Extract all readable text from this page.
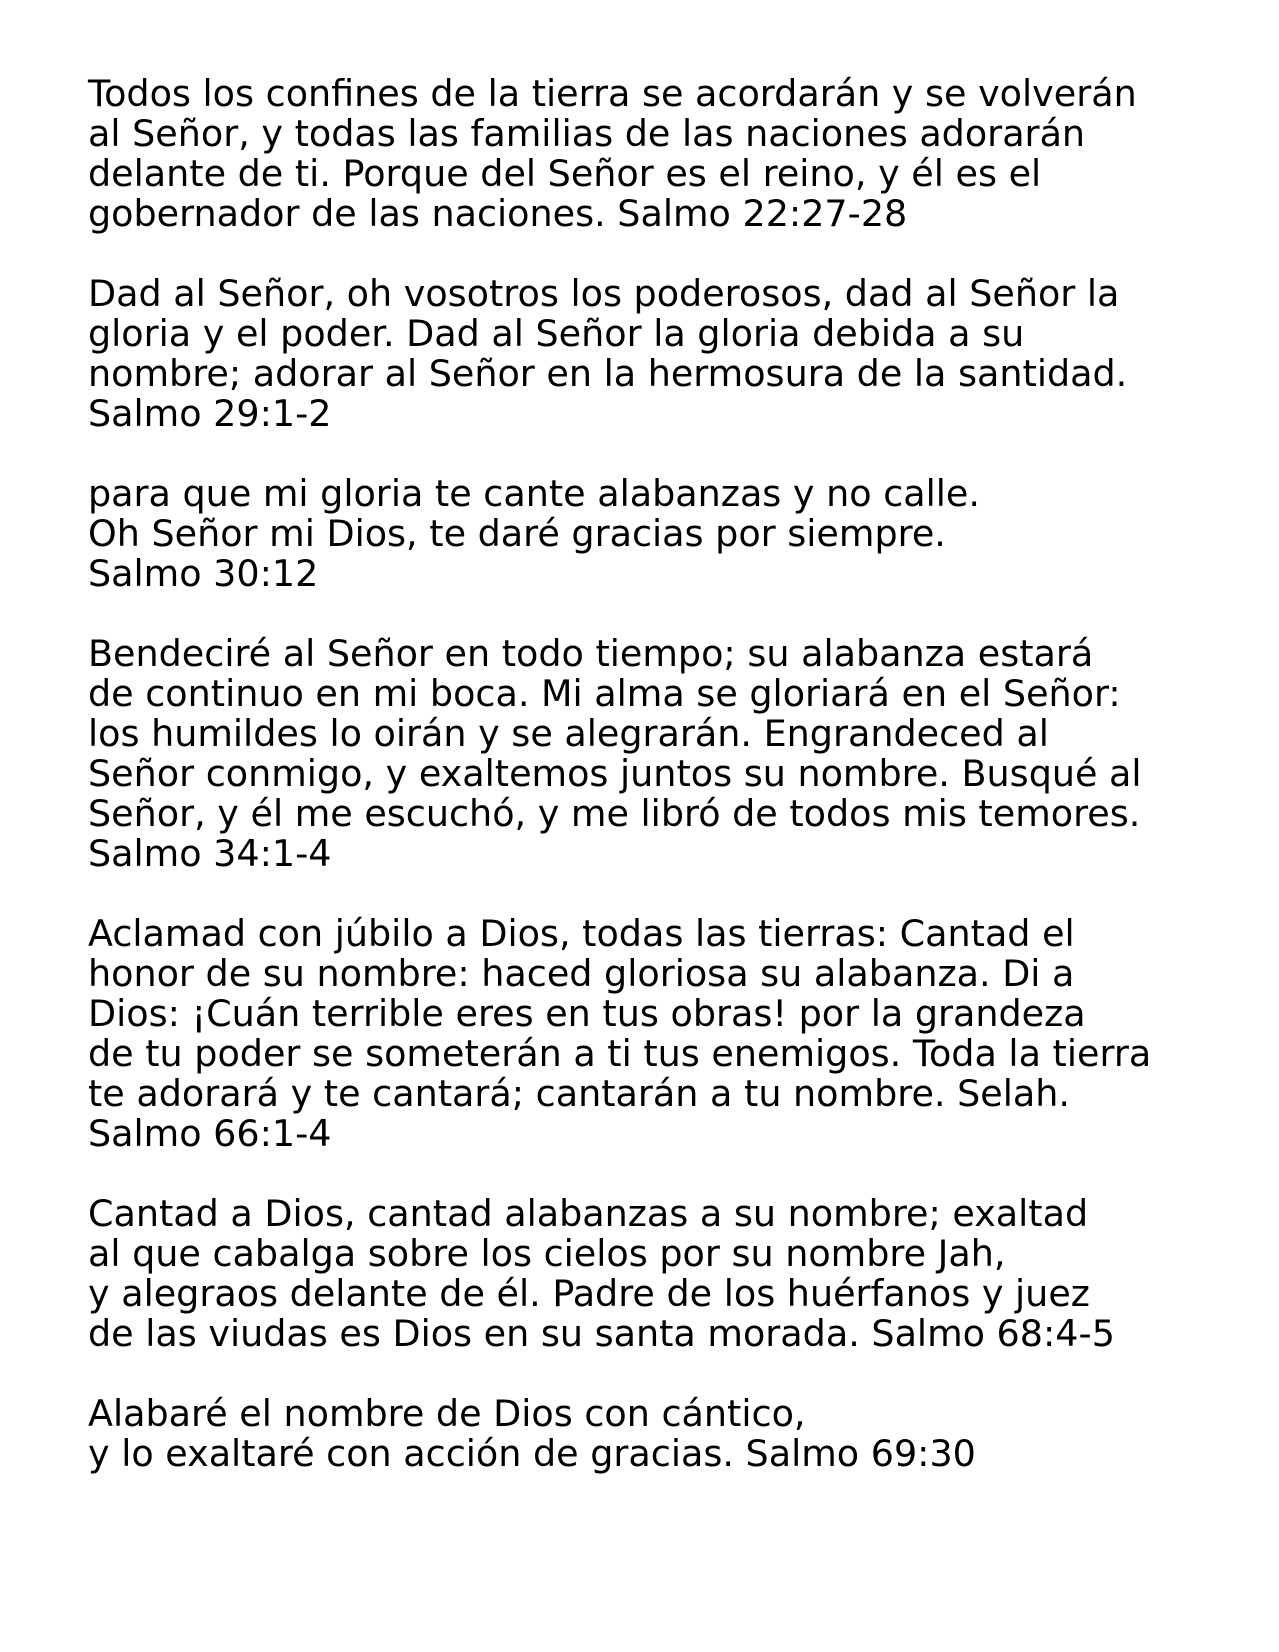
Todos los confines de la tierra se acordarán y se volverán
al Señor, y todas las familias de las naciones adorarán
delante de ti. Porque del Señor es el reino, y él es el
gobernador de las naciones. Salmo 22:27-28
Dad al Señor, oh vosotros los poderosos, dad al Señor la
gloria y el poder. Dad al Señor la gloria debida a su
nombre; adorar al Señor en la hermosura de la santidad.
Salmo 29:1-2
para que mi gloria te cante alabanzas y no calle.
Oh Señor mi Dios, te daré gracias por siempre.
Salmo 30:12
Bendeciré al Señor en todo tiempo; su alabanza estará
de continuo en mi boca. Mi alma se gloriará en el Señor:
los humildes lo oirán y se alegrarán. Engrandeced al
Señor conmigo, y exaltemos juntos su nombre. Busqué al
Señor, y él me escuchó, y me libró de todos mis temores.
Salmo 34:1-4
Aclamad con júbilo a Dios, todas las tierras: Cantad el
honor de su nombre: haced gloriosa su alabanza. Di a
Dios: ¡Cuán terrible eres en tus obras! por la grandeza
de tu poder se someterán a ti tus enemigos. Toda la tierra
te adorará y te cantará; cantarán a tu nombre. Selah.
Salmo 66:1-4
Cantad a Dios, cantad alabanzas a su nombre; exaltad
al que cabalga sobre los cielos por su nombre Jah,
y alegraos delante de él. Padre de los huérfanos y juez
de las viudas es Dios en su santa morada. Salmo 68:4-5
Alabaré el nombre de Dios con cántico,
y lo exaltaré con acción de gracias. Salmo 69:30
